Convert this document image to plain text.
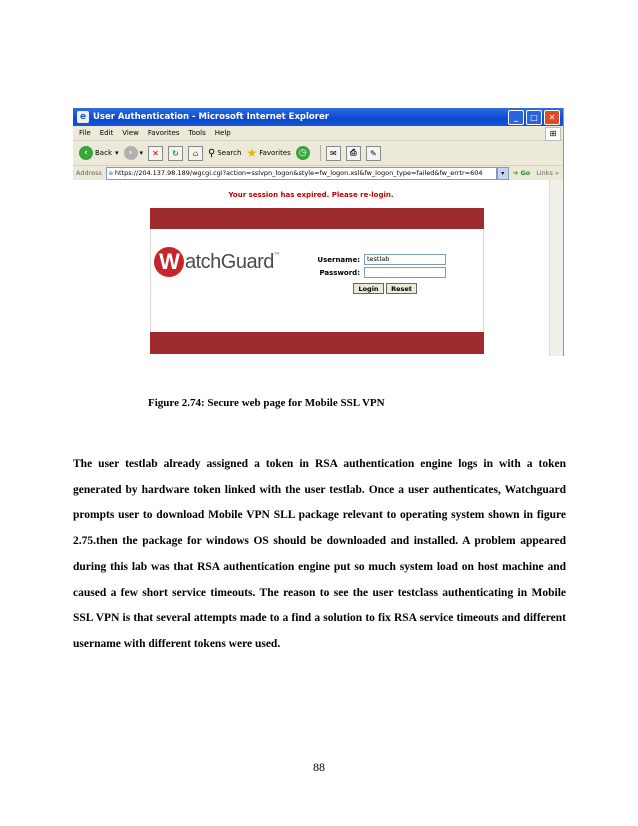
e User Authentication - Microsoft Internet Explorer	_	□	✕
File Edit View Favorites Tools Help	⊞
‹	Back ▾	›	▾	✕	↻	⌂ ⚲ Search ★ Favorites ◷	✉	⎙	✎
Address e https://204.137.98.189/wgcgi.cgi?action=sslvpn_logon&style=fw_logon.xsl&fw_logon_type=failed&fw_errtr=604	▾	➔ Go Links »
Your session has expired. Please re-login.
W atchGuard ™
Username:	testlab
Password:
Login	Reset
Figure 2.74: Secure web page for Mobile SSL VPN
The user testlab already assigned a token in RSA authentication engine logs in with a token generated by hardware token linked with the user testlab. Once a user authenticates, Watchguard prompts user to download Mobile VPN SLL package relevant to operating system shown in figure 2.75.then the package for windows OS should be downloaded and installed. A problem appeared during this lab was that RSA authentication engine put so much system load on host machine and caused a few short service timeouts. The reason to see the user testclass authenticating in Mobile SSL VPN is that several attempts made to a find a solution to fix RSA service timeouts and different username with different tokens were used.
88
